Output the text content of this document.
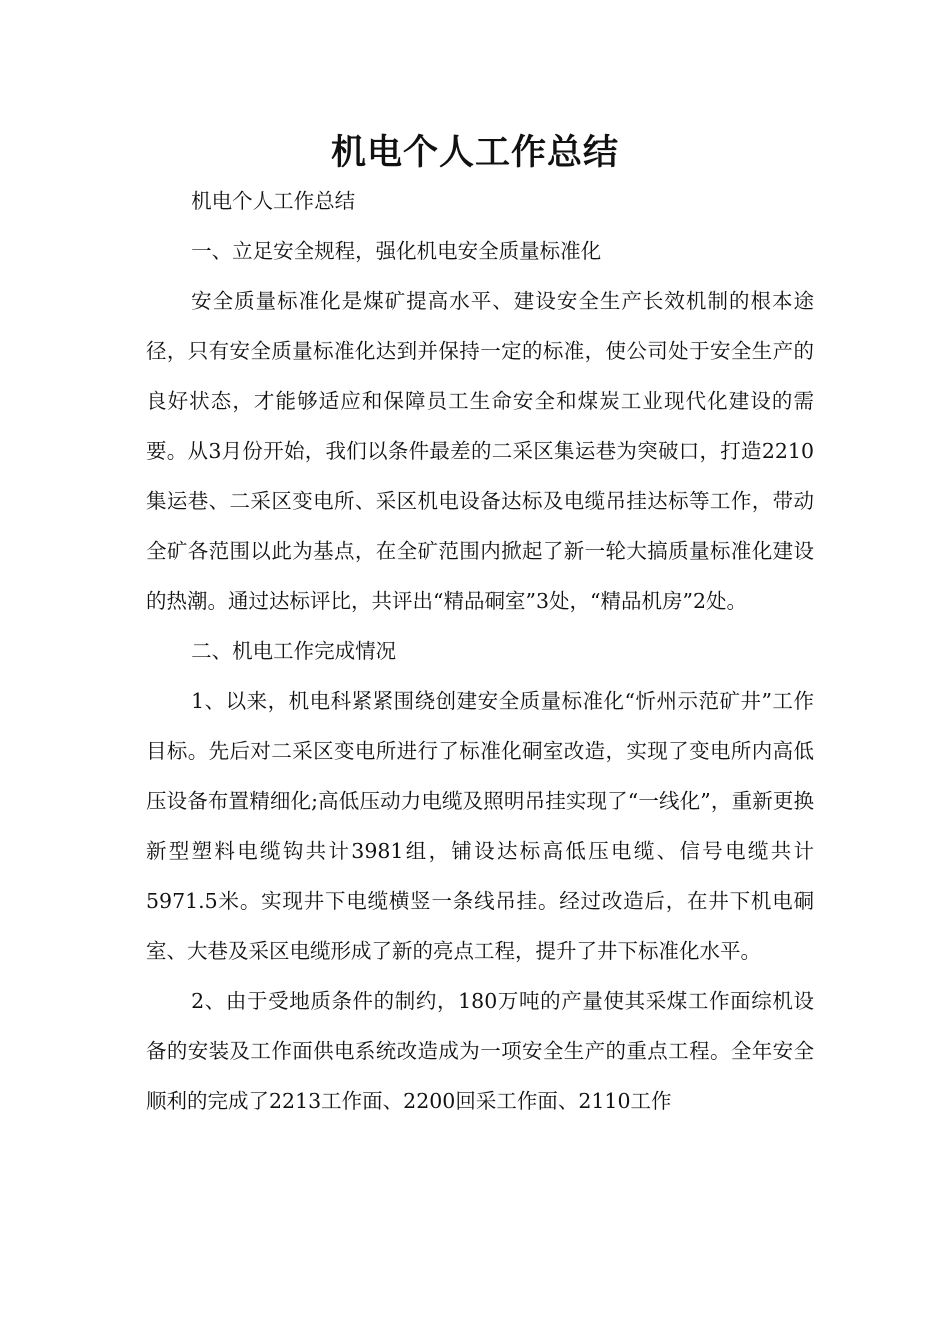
机电个人工作总结

机电个人工作总结

一、立足安全规程，强化机电安全质量标准化

安全质量标准化是煤矿提高水平、建设安全生产长效机制的根本途径，只有安全质量标准化达到并保持一定的标准，使公司处于安全生产的良好状态，才能够适应和保障员工生命安全和煤炭工业现代化建设的需要。从3月份开始，我们以条件最差的二采区集运巷为突破口，打造2210集运巷、二采区变电所、采区机电设备达标及电缆吊挂达标等工作，带动全矿各范围以此为基点，在全矿范围内掀起了新一轮大搞质量标准化建设的热潮。通过达标评比，共评出“精品硐室”3处，“精品机房”2处。

二、机电工作完成情况

1、以来，机电科紧紧围绕创建安全质量标准化“忻州示范矿井”工作目标。先后对二采区变电所进行了标准化硐室改造，实现了变电所内高低压设备布置精细化;高低压动力电缆及照明吊挂实现了“一线化”，重新更换新型塑料电缆钩共计3981组，铺设达标高低压电缆、信号电缆共计5971.5米。实现井下电缆横竖一条线吊挂。经过改造后，在井下机电硐室、大巷及采区电缆形成了新的亮点工程，提升了井下标准化水平。

2、由于受地质条件的制约，180万吨的产量使其采煤工作面综机设备的安装及工作面供电系统改造成为一项安全生产的重点工程。全年安全顺利的完成了2213工作面、2200回采工作面、2110工作
